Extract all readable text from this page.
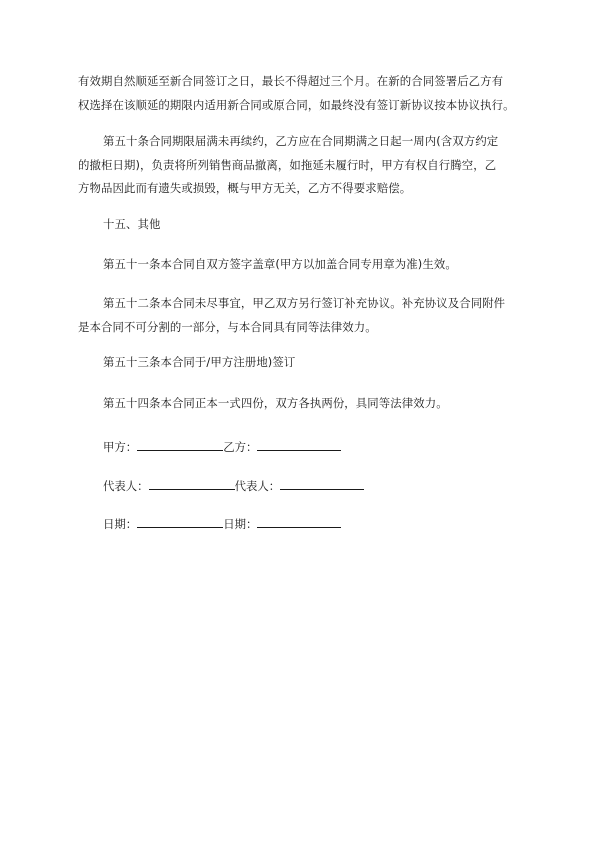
有效期自然顺延至新合同签订之日，最长不得超过三个月。在新的合同签署后乙方有
权选择在该顺延的期限内适用新合同或原合同，如最终没有签订新协议按本协议执行。
第五十条合同期限届满未再续约，乙方应在合同期满之日起一周内(含双方约定
的撤柜日期)，负责将所列销售商品撤离，如拖延未履行时，甲方有权自行腾空，乙
方物品因此而有遗失或损毁，概与甲方无关，乙方不得要求赔偿。
十五、其他
第五十一条本合同自双方签字盖章(甲方以加盖合同专用章为准)生效。
第五十二条本合同未尽事宜，甲乙双方另行签订补充协议。补充协议及合同附件
是本合同不可分割的一部分，与本合同具有同等法律效力。
第五十三条本合同于/甲方注册地)签订
第五十四条本合同正本一式四份，双方各执两份，具同等法律效力。
甲方：	乙方：
代表人：	代表人：
日期：	日期：
